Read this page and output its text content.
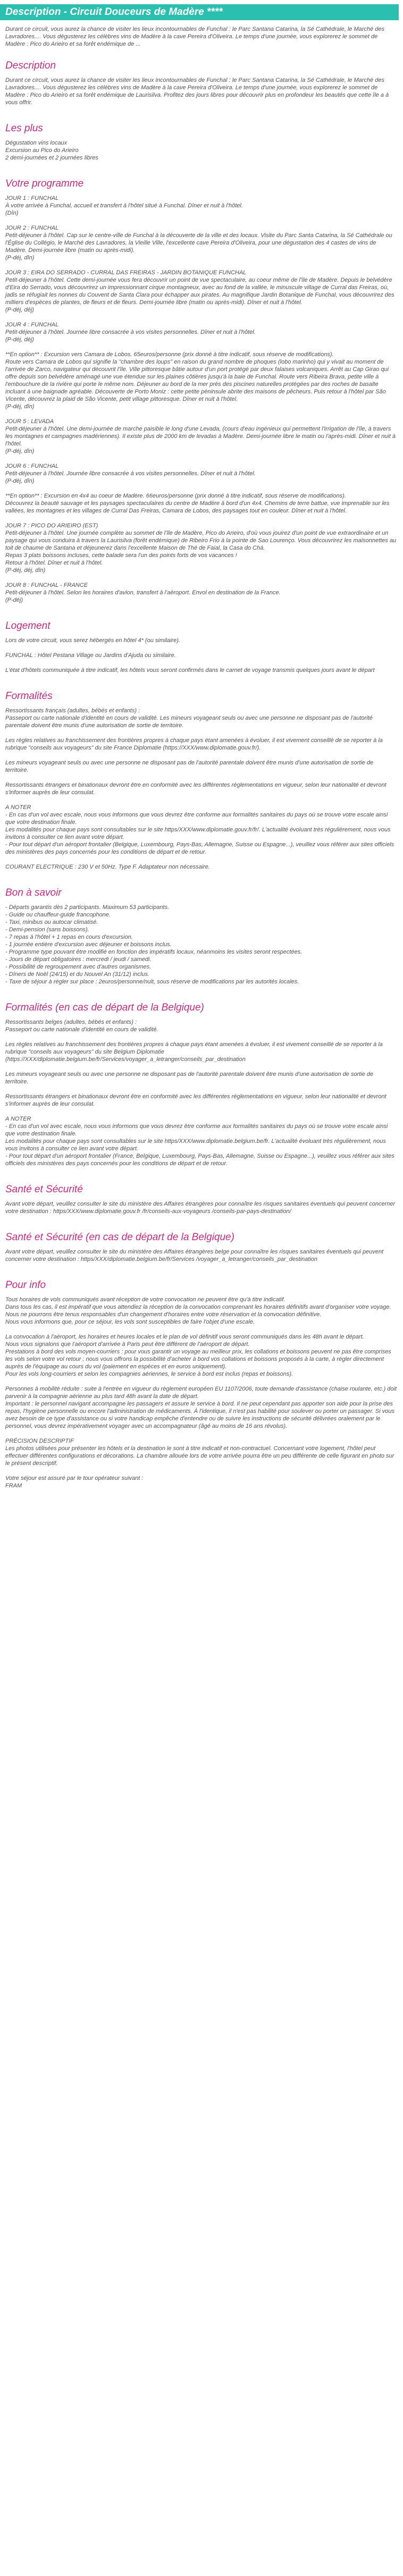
Description - Circuit Douceurs de Madère ****

Durant ce circuit, vous aurez la chance de visiter les lieux incontournables de Funchal : le Parc Santana Catarina, la Sé Cathédrale, le Marché des Lavradores.... Vous dégusterez les célèbres vins de Madère à la cave Pereira d'Oliveira. Le temps d'une journée, vous explorerez le sommet de Madère : Pico do Arieiro et sa forêt endémique de ...

Description

Durant ce circuit, vous aurez la chance de visiter les lieux incontournables de Funchal : le Parc Santana Catarina, la Sé Cathédrale, le Marché des Lavradores.... Vous dégusterez les célèbres vins de Madère à la cave Pereira d'Oliveira. Le temps d'une journée, vous explorerez le sommet de Madère : Pico do Arieiro et sa forêt endémique de Laurisilva. Profitez des jours libres pour découvrir plus en profondeur les beautés que cette île a à vous offrir.

Les plus

Dégustation vins locaux
Excursion au Pico do Arieiro
2 demi-journées et 2 journées libres

Votre programme

JOUR 1 : FUNCHAL
À votre arrivée à Funchal, accueil et transfert à l'hôtel situé à Funchal. Dîner et nuit à l'hôtel.
(Dîn)

JOUR 2 : FUNCHAL
Petit-déjeuner à l'hôtel. Cap sur le centre-ville de Funchal à la découverte de la ville et des locaux. Visite du Parc Santa Catarina, la Sé Cathédrale ou l'Église du Collégio, le Marché des Lavradores, la Vieille Ville, l'excellente cave Pereira d'Oliveira, pour une dégustation des 4 castes de vins de Madère. Demi-journée libre (matin ou après-midi).
(P-déj, dîn)

JOUR 3 : EIRA DO SERRADO - CURRAL DAS FREIRAS - JARDIN BOTANIQUE FUNCHAL
Petit-déjeuner à l'hôtel. Cette demi-journée vous fera découvrir un point de vue spectaculaire, au coeur même de l'île de Madère. Depuis le belvédère d'Eira do Serrado, vous découvrirez un impressionnant cirque montagneux, avec au fond de la vallée, le minuscule village de Curral das Freiras, où, jadis se réfugiait les nonnes du Couvent de Santa Clara pour échapper aux pirates. Au magnifique Jardin Botanique de Funchal, vous découvrirez des milliers d'espèces de plantes, de fleurs et de fleurs. Demi-journée libre (matin ou après-midi). Dîner et nuit à l'hôtel.
(P-déj, déj)

JOUR 4 : FUNCHAL
Petit-déjeuner à l'hôtel. Journée libre consacrée à vos visites personnelles. Dîner et nuit à l'hôtel.
(P-déj, déj)

**En option** : Excursion vers Camara de Lobos. 65euros/personne (prix donné à titre indicatif, sous réserve de modifications).
Route vers Camara de Lobos qui signifie la "chambre des loups" en raison du grand nombre de phoques (lobo marinho) qui y vivait au moment de l'arrivée de Zarco, navigateur qui découvrit l'île. Ville pittoresque bâtie autour d'un port protégé par deux falaises volcaniques. Arrêt au Cap Girao qui offre depuis son belvédère aménagé une vue étendue sur les plaines côtières jusqu'à la baie de Funchal. Route vers Ribeira Brava, petite ville à l'embouchure de la rivière qui porte le même nom. Déjeuner au bord de la mer près des piscines naturelles protégées par des roches de basalte incluant à une baignade agréable. Découverte de Porto Moniz : cette petite péninsule abrite des maisons de pêcheurs. Puis retour à l'hôtel par São Vicente, découvrez la plaid de São Vicente, petit village pittoresque. Dîner et nuit à l'hôtel.
(P-déj, dîn)

JOUR 5 : LEVADA
Petit-déjeuner à l'hôtel. Une demi-journée de marche paisible le long d'une Levada, (cours d'eau ingénieux qui permettent l'irrigation de l'île, à travers les montagnes et campagnes madériennes). Il existe plus de 2000 km de levadas à Madère. Demi-journée libre le matin ou l'après-midi. Dîner et nuit à l'hôtel.
(P-déj, dîn)

JOUR 6 : FUNCHAL
Petit-déjeuner à l'hôtel. Journée libre consacrée à vos visites personnelles. Dîner et nuit à l'hôtel.
(P-déj, dîn)

**En option** : Excursion en 4x4 au coeur de Madère. 66euros/personne (prix donné à titre indicatif, sous réserve de modifications).
Découvrez la beauté sauvage et les paysages spectaculaires du centre de Madère à bord d'un 4x4. Chemins de terre battue, vue imprenable sur les vallées, les montagnes et les villages de Curral Das Freiras, Camara de Lobos, des paysages tout en couleur. Dîner et nuit à l'hôtel.

JOUR 7 : PICO DO ARIEIRO (EST)
Petit-déjeuner à l'hôtel. Une journée complète au sommet de l'île de Madère, Pico do Arieiro, d'où vous jouirez d'un point de vue extraordinaire et un paysage qui vous conduira à travers la Laurisilva (forêt endémique) de Ribeiro Frio à la pointe de Sao Lourenço. Vous découvrirez les maisonnettes au toit de chaume de Santana et déjeunerez dans l'excellente Maison de Thé de Faial, la Casa do Chá.
Repas 3 plats boissons incluses, cette balade sera l'un des points forts de vos vacances !
Retour à l'hôtel. Dîner et nuit à l'hôtel.
(P-déj, déj, dîn)

JOUR 8 : FUNCHAL - FRANCE
Petit-déjeuner à l'hôtel. Selon les horaires d'avion, transfert à l'aéroport. Envol en destination de la France.
(P-déj)

Logement

Lors de votre circuit, vous serez hébergés en hôtel 4* (ou similaire).

FUNCHAL : Hôtel Pestana Village ou Jardins d'Ajuda ou similaire.

L'état d'hôtels communiquée à titre indicatif, les hôtels vous seront confirmés dans le carnet de voyage transmis quelques jours avant le départ

Formalités

Ressortissants français (adultes, bébés et enfants) :
Passeport ou carte nationale d'identité en cours de validité. Les mineurs voyageant seuls ou avec une personne ne disposant pas de l'autorité parentale doivent être munis d'une autorisation de sortie de territoire.

Les règles relatives au franchissement des frontières propres à chaque pays étant amenées à évoluer, il est vivement conseillé de se reporter à la rubrique "conseils aux voyageurs" du site France Diplomatie (https://XXX/www.diplomatie.gouv.fr/).

Les mineurs voyageant seuls ou avec une personne ne disposant pas de l'autorité parentale doivent être munis d'une autorisation de sortie de territoire.

Ressortissants étrangers et binationaux devront être en conformité avec les différentes réglementations en vigueur, selon leur nationalité et devront s'informer auprès de leur consulat.

A NOTER
- En cas d'un vol avec escale, nous vous informons que vous devrez être conforme aux formalités sanitaires du pays où se trouve votre escale ainsi que votre destination finale.
Les modalités pour chaque pays sont consultables sur le site https/XXX/www.diplomatie.gouv.fr/fr/. L'actualité évoluant très régulièrement, nous vous invitons à consulter ce lien avant votre départ.
- Pour tout départ d'un aéroport frontalier (Belgique, Luxembourg, Pays-Bas, Allemagne, Suisse ou Espagne...), veuillez vous référer aux sites officiels des ministères des pays concernés pour les conditions de départ et de retour.

COURANT ELECTRIQUE : 230 V et 50Hz. Type F. Adaptateur non nécessaire.

Bon à savoir

- Départs garantis dès 2 participants. Maximum 53 participants.
- Guide ou chauffeur-guide francophone.
- Taxi, minibus ou autocar climatisé.
- Demi-pension (sans boissons).
- 7 repas à l'hôtel + 1 repas en cours d'excursion.
- 1 journée entière d'excursion avec déjeuner et boissons inclus.
- Programme type pouvant être modifié en fonction des impératifs locaux, néanmoins les visites seront respectées.
- Jours de départ obligatoires : mercredi / jeudi / samedi.
- Possibilité de regroupement avec d'autres organismes.
- Dîners de Noël (24/15) et du Nouvel An (31/12) inclus.
- Taxe de séjour à régler sur place : 2euros/personne/nuit, sous réserve de modifications par les autorités locales.

Formalités (en cas de départ de la Belgique)

Ressortissants belges (adultes, bébés et enfants) :
Passeport ou carte nationale d'identité en cours de validité.

Les règles relatives au franchissement des frontières propres à chaque pays étant amenées à évoluer, il est vivement conseillé de se reporter à la rubrique "conseils aux voyageurs" du site Belgium Diplomatie (https://XXX/diplomatie.belgium.be/fr/Services/voyager_a_letranger/conseils_par_destination

Les mineurs voyageant seuls ou avec une personne ne disposant pas de l'autorité parentale doivent être munis d'une autorisation de sortie de territoire.

Ressortissants étrangers et binationaux devront être en conformité avec les différentes réglementations en vigueur, selon leur nationalité et devront s'informer auprès de leur consulat.

A NOTER
- En cas d'un vol avec escale, nous vous informons que vous devrez être conforme aux formalités sanitaires du pays où se trouve votre escale ainsi que votre destination finale.
Les modalités pour chaque pays sont consultables sur le site https/XXX/www.diplomatie.belgium.be/fr. L'actualité évoluant très régulièrement, nous vous invitons à consulter ce lien avant votre départ.
- Pour tout départ d'un aéroport frontalier (France, Belgique, Luxembourg, Pays-Bas, Allemagne, Suisse ou Espagne...), veuillez vous référer aux sites officiels des ministères des pays concernés pour les conditions de départ et de retour.

Santé et Sécurité

Avant votre départ, veuillez consulter le site du ministère des Affaires étrangères pour connaître les risques sanitaires éventuels qui peuvent concerner votre destination : https/XXX/www.diplomatie.gouv.fr /fr/conseils-aux-voyageurs /conseils-par-pays-destination/

Santé et Sécurité (en cas de départ de la Belgique)

Avant votre départ, veuillez consulter le site du ministère des Affaires étrangères belge pour connaître les risques sanitaires éventuels qui peuvent concerner votre destination : https/XXX/diplomatie.belgium.be/fr/Services /voyager_a_letranger/conseils_par_destination

Pour info

Tous horaires de vols communiqués avant réception de votre convocation ne peuvent être qu'à titre indicatif.
Dans tous les cas, il est impératif que vous attendiez la réception de la convocation comprenant les horaires définitifs avant d'organiser votre voyage.
Nous ne pourrons être tenus responsables d'un changement d'horaires entre votre réservation et la convocation définitive.
Nous vous informons que, pour ce séjour, les vols sont susceptibles de faire l'objet d'une escale.

La convocation à l'aéroport, les horaires et heures locales et le plan de vol définitif vous seront communiqués dans les 48h avant le départ.
Nous vous signalons que l'aéroport d'arrivée à Paris peut être différent de l'aéroport de départ.
Prestations à bord des vols moyen-courriers : pour vous garantir un voyage au meilleur prix, les collations et boissons peuvent ne pas être comprises les vols selon votre vol retour ; nous vous offrons la possibilité d'acheter à bord vos collations et boissons proposés à la carte, à régler directement auprès de l'équipage au cours du vol (paiement en espèces et en euros uniquement).
Pour les vols long-courriers et selon les compagnies aériennes, le service à bord est inclus (repas et boissons).

Personnes à mobilité réduite : suite à l'entrée en vigueur du règlement européen EU 1107/2006, toute demande d'assistance (chaise roulante, etc.) doit parvenir à la compagnie aérienne au plus tard 48h avant la date de départ.
Important : le personnel navigant accompagne les passagers et assure le service à bord. Il ne peut cependant pas apporter son aide pour la prise des repas, l'hygiène personnelle ou encore l'administration de médicaments. À l'identique, il n'est pas habilité pour soulever ou porter un passager. Si vous avez besoin de ce type d'assistance ou si votre handicap empêche d'entendre ou de suivre les instructions de sécurité délivrées oralement par le personnel, vous devrez impérativement voyager avec un accompagnateur (âgé au moins de 16 ans révolus).

PRÉCISION DESCRIPTIF
Les photos utilisées pour présenter les hôtels et la destination le sont à titre indicatif et non-contractuel. Concernant votre logement, l'hôtel peut effectuer différentes configurations et décorations. La chambre allouée lors de votre arrivée pourra être un peu différente de celle figurant en photo sur le présent descriptif.

Votre séjour est assuré par le tour opérateur suivant :
FRAM
